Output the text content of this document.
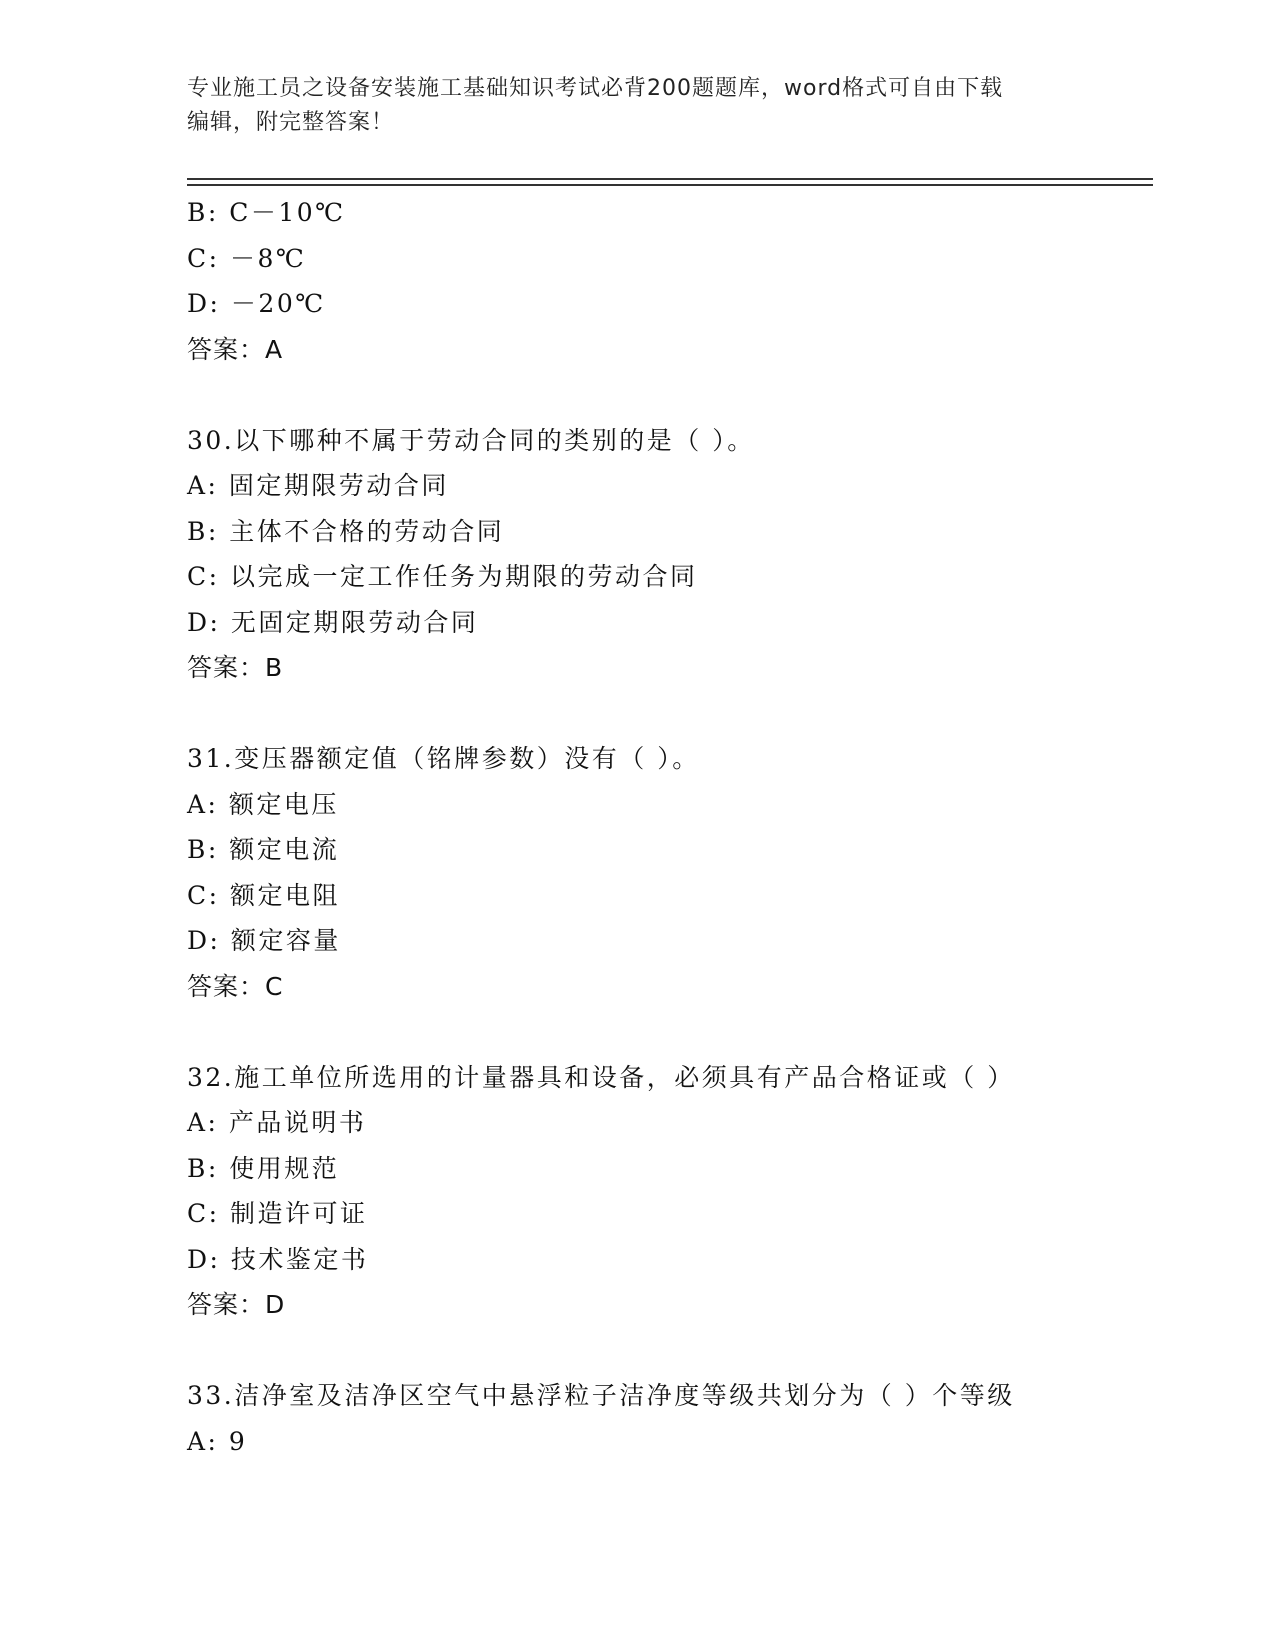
专业施工员之设备安装施工基础知识考试必背200题题库，word格式可自由下载
编辑，附完整答案！
B: C－10℃
C: －8℃
D: －20℃
答案：A
30.以下哪种不属于劳动合同的类别的是（ ）。
A: 固定期限劳动合同
B: 主体不合格的劳动合同
C: 以完成一定工作任务为期限的劳动合同
D: 无固定期限劳动合同
答案：B
31.变压器额定值（铭牌参数）没有（ ）。
A: 额定电压
B: 额定电流
C: 额定电阻
D: 额定容量
答案：C
32.施工单位所选用的计量器具和设备，必须具有产品合格证或（ ）
A: 产品说明书
B: 使用规范
C: 制造许可证
D: 技术鉴定书
答案：D
33.洁净室及洁净区空气中悬浮粒子洁净度等级共划分为（ ）个等级
A: 9
